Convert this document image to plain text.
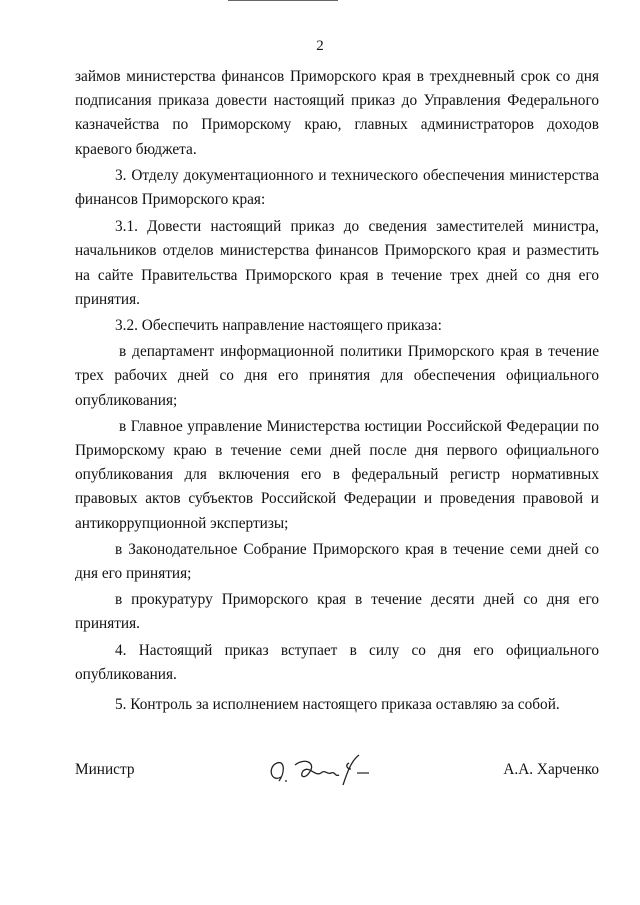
2

займов министерства финансов Приморского края в трехдневный срок со дня подписания приказа довести настоящий приказ до Управления Федерального казначейства по Приморскому краю, главных администраторов доходов краевого бюджета.

3. Отделу документационного и технического обеспечения министерства финансов Приморского края:

3.1. Довести настоящий приказ до сведения заместителей министра, начальников отделов министерства финансов Приморского края и разместить на сайте Правительства Приморского края в течение трех дней со дня его принятия.

3.2. Обеспечить направление настоящего приказа:

в департамент информационной политики Приморского края в течение трех рабочих дней со дня его принятия для обеспечения официального опубликования;

в Главное управление Министерства юстиции Российской Федерации по Приморскому краю в течение семи дней после дня первого официального опубликования для включения его в федеральный регистр нормативных правовых актов субъектов Российской Федерации и проведения правовой и антикоррупционной экспертизы;

в Законодательное Собрание Приморского края в течение семи дней со дня его принятия;

в прокуратуру Приморского края в течение десяти дней со дня его принятия.

4. Настоящий приказ вступает в силу со дня его официального опубликования.

5. Контроль за исполнением настоящего приказа оставляю за собой.

Министр	А.А. Харченко
